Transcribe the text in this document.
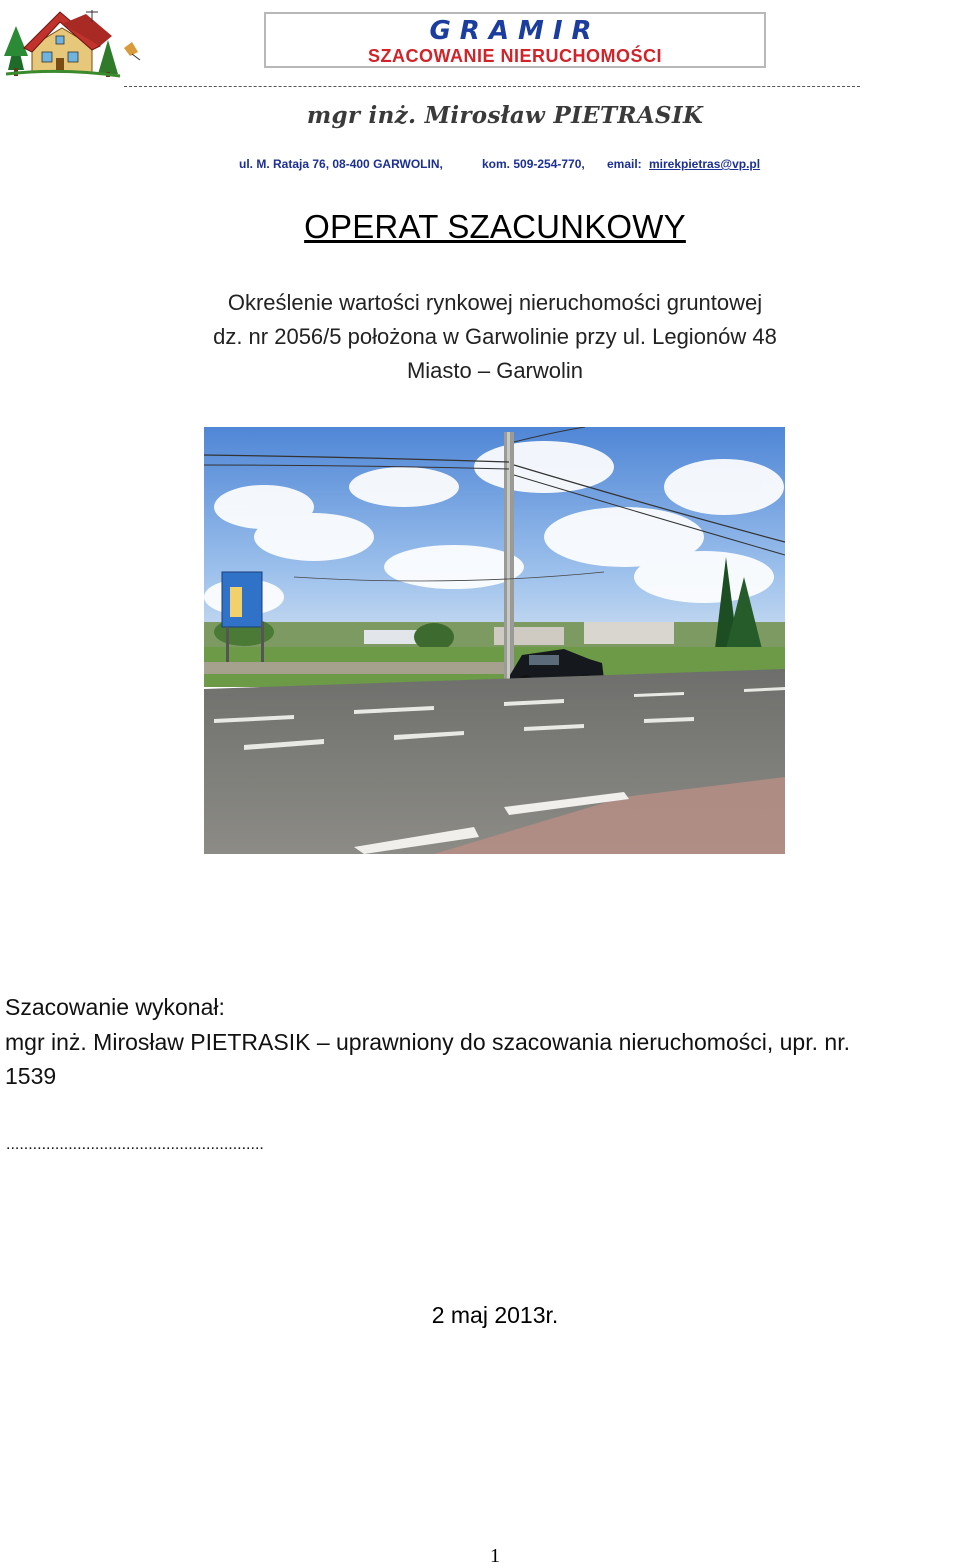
GRAMIR
SZACOWANIE NIERUCHOMOŚCI
mgr inż. Mirosław PIETRASIK
ul. M. Rataja 76, 08-400 GARWOLIN,	kom. 509-254-770, email: mirekpietras@vp.pl
OPERAT SZACUNKOWY
Określenie wartości rynkowej nieruchomości gruntowej
dz. nr 2056/5 położona w Garwolinie przy ul. Legionów 48
Miasto – Garwolin
Szacowanie wykonał:
mgr inż. Mirosław PIETRASIK – uprawniony do szacowania nieruchomości, upr. nr.
1539
..........................................................
2 maj 2013r.
1
